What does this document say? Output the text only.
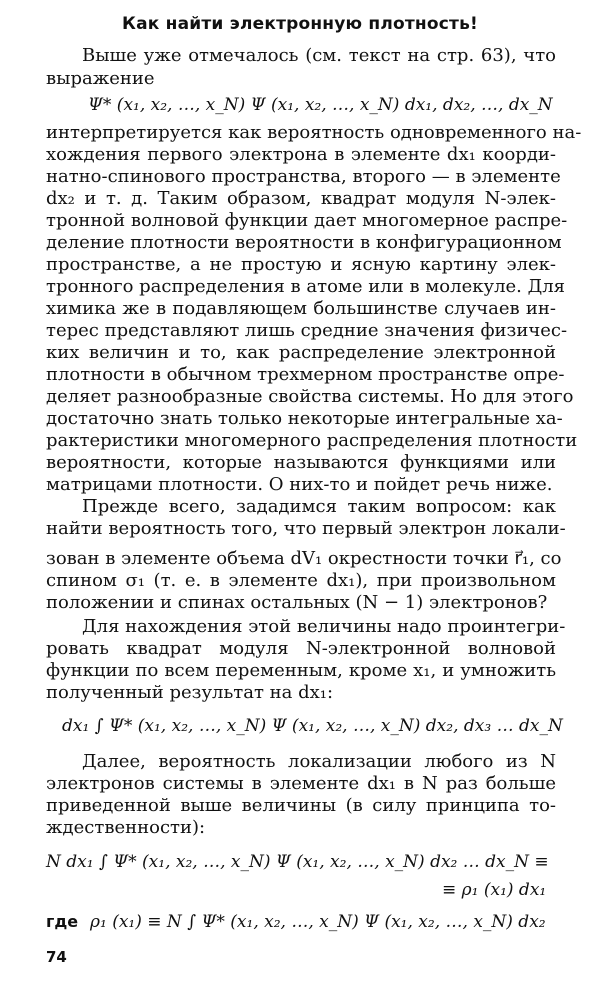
Как найти электронную плотность!
Выше уже отмечалось (см. текст на стр. 63), что
выражение
Ψ* (x₁, x₂, …, x_N) Ψ (x₁, x₂, …, x_N) dx₁, dx₂, …, dx_N
интерпретируется как вероятность одновременного на-
хождения первого электрона в элементе dx₁ коорди-
натно-спинового пространства, второго — в элементе
dx₂ и т. д. Таким образом, квадрат модуля N-элек-
тронной волновой функции дает многомерное распре-
деление плотности вероятности в конфигурационном
пространстве, а не простую и ясную картину элек-
тронного распределения в атоме или в молекуле. Для
химика же в подавляющем большинстве случаев ин-
терес представляют лишь средние значения физичес-
ких величин и то, как распределение электронной
плотности в обычном трехмерном пространстве опре-
деляет разнообразные свойства системы. Но для этого
достаточно знать только некоторые интегральные ха-
рактеристики многомерного распределения плотности
вероятности, которые называются функциями или
матрицами плотности. О них-то и пойдет речь ниже.
Прежде всего, зададимся таким вопросом: как
найти вероятность того, что первый электрон локали-
зован в элементе объема dV₁ окрестности точки r⃗₁, со
спином σ₁ (т. е. в элементе dx₁), при произвольном
положении и спинах остальных (N − 1) электронов?
Для нахождения этой величины надо проинтегри-
ровать квадрат модуля N-электронной волновой
функции по всем переменным, кроме x₁, и умножить
полученный результат на dx₁:
dx₁ ∫ Ψ* (x₁, x₂, …, x_N) Ψ (x₁, x₂, …, x_N) dx₂, dx₃ … dx_N
Далее, вероятность локализации любого из N
электронов системы в элементе dx₁ в N раз больше
приведенной выше величины (в силу принципа то-
ждественности):
N dx₁ ∫ Ψ* (x₁, x₂, …, x_N) Ψ (x₁, x₂, …, x_N) dx₂ … dx_N ≡
≡ ρ₁ (x₁) dx₁
где ρ₁ (x₁) ≡ N ∫ Ψ* (x₁, x₂, …, x_N) Ψ (x₁, x₂, …, x_N) dx₂
74
